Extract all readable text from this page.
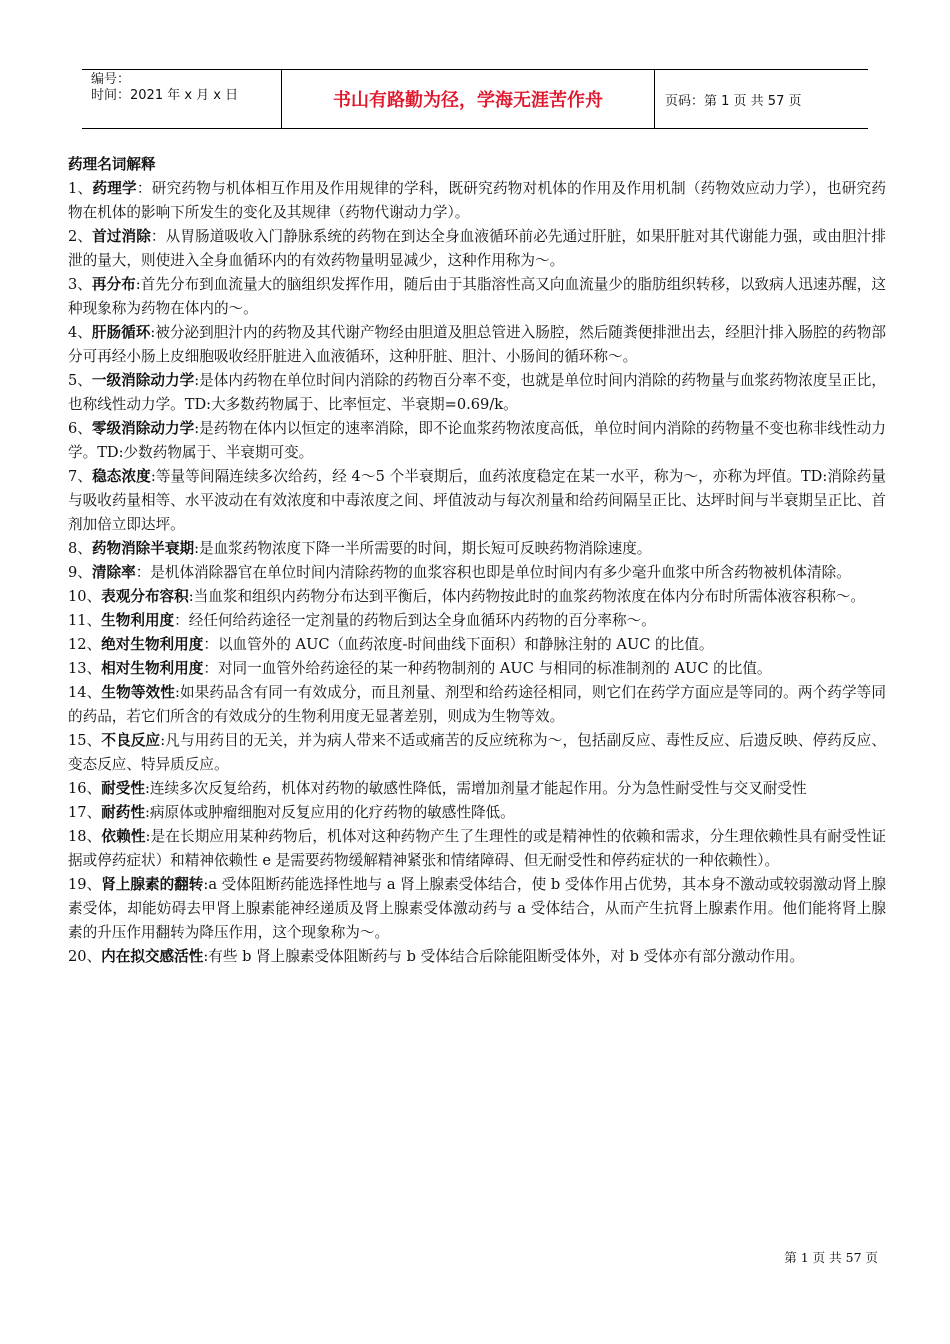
编号：
时间：2021 年 x 月 x 日	书山有路勤为径，学海无涯苦作舟	页码：第 1 页 共 57 页
药理名词解释
1、药理学：研究药物与机体相互作用及作用规律的学科，既研究药物对机体的作用及作用机制（药物效应动力学），也研究药物在机体的影响下所发生的变化及其规律（药物代谢动力学）。
2、首过消除：从胃肠道吸收入门静脉系统的药物在到达全身血液循环前必先通过肝脏，如果肝脏对其代谢能力强，或由胆汁排泄的量大，则使进入全身血循环内的有效药物量明显减少，这种作用称为～。
3、再分布:首先分布到血流量大的脑组织发挥作用，随后由于其脂溶性高又向血流量少的脂肪组织转移，以致病人迅速苏醒，这种现象称为药物在体内的～。
4、肝肠循环:被分泌到胆汁内的药物及其代谢产物经由胆道及胆总管进入肠腔，然后随粪便排泄出去，经胆汁排入肠腔的药物部分可再经小肠上皮细胞吸收经肝脏进入血液循环，这种肝脏、胆汁、小肠间的循环称～。
5、一级消除动力学:是体内药物在单位时间内消除的药物百分率不变，也就是单位时间内消除的药物量与血浆药物浓度呈正比，也称线性动力学。TD:大多数药物属于、比率恒定、半衰期=0.69/k。
6、零级消除动力学:是药物在体内以恒定的速率消除，即不论血浆药物浓度高低，单位时间内消除的药物量不变也称非线性动力学。TD:少数药物属于、半衰期可变。
7、稳态浓度:等量等间隔连续多次给药，经 4～5 个半衰期后，血药浓度稳定在某一水平，称为～，亦称为坪值。TD:消除药量与吸收药量相等、水平波动在有效浓度和中毒浓度之间、坪值波动与每次剂量和给药间隔呈正比、达坪时间与半衰期呈正比、首剂加倍立即达坪。
8、药物消除半衰期:是血浆药物浓度下降一半所需要的时间，期长短可反映药物消除速度。
9、清除率：是机体消除器官在单位时间内清除药物的血浆容积也即是单位时间内有多少毫升血浆中所含药物被机体清除。
10、表观分布容积:当血浆和组织内药物分布达到平衡后，体内药物按此时的血浆药物浓度在体内分布时所需体液容积称～。
11、生物利用度：经任何给药途径一定剂量的药物后到达全身血循环内药物的百分率称～。
12、绝对生物利用度：以血管外的 AUC（血药浓度-时间曲线下面积）和静脉注射的 AUC 的比值。
13、相对生物利用度：对同一血管外给药途径的某一种药物制剂的 AUC 与相同的标准制剂的 AUC 的比值。
14、生物等效性:如果药品含有同一有效成分，而且剂量、剂型和给药途径相同，则它们在药学方面应是等同的。两个药学等同的药品，若它们所含的有效成分的生物利用度无显著差别，则成为生物等效。
15、不良反应:凡与用药目的无关，并为病人带来不适或痛苦的反应统称为～，包括副反应、毒性反应、后遗反映、停药反应、变态反应、特异质反应。
16、耐受性:连续多次反复给药，机体对药物的敏感性降低，需增加剂量才能起作用。分为急性耐受性与交叉耐受性
17、耐药性:病原体或肿瘤细胞对反复应用的化疗药物的敏感性降低。
18、依赖性:是在长期应用某种药物后，机体对这种药物产生了生理性的或是精神性的依赖和需求，分生理依赖性具有耐受性证据或停药症状）和精神依赖性 e 是需要药物缓解精神紧张和情绪障碍、但无耐受性和停药症状的一种依赖性）。
19、肾上腺素的翻转:a 受体阻断药能选择性地与 a 肾上腺素受体结合，使 b 受体作用占优势，其本身不激动或较弱激动肾上腺素受体，却能妨碍去甲肾上腺素能神经递质及肾上腺素受体激动药与 a 受体结合，从而产生抗肾上腺素作用。他们能将肾上腺素的升压作用翻转为降压作用，这个现象称为～。
20、内在拟交感活性:有些 b 肾上腺素受体阻断药与 b 受体结合后除能阻断受体外，对 b 受体亦有部分激动作用。
第 1 页 共 57 页
